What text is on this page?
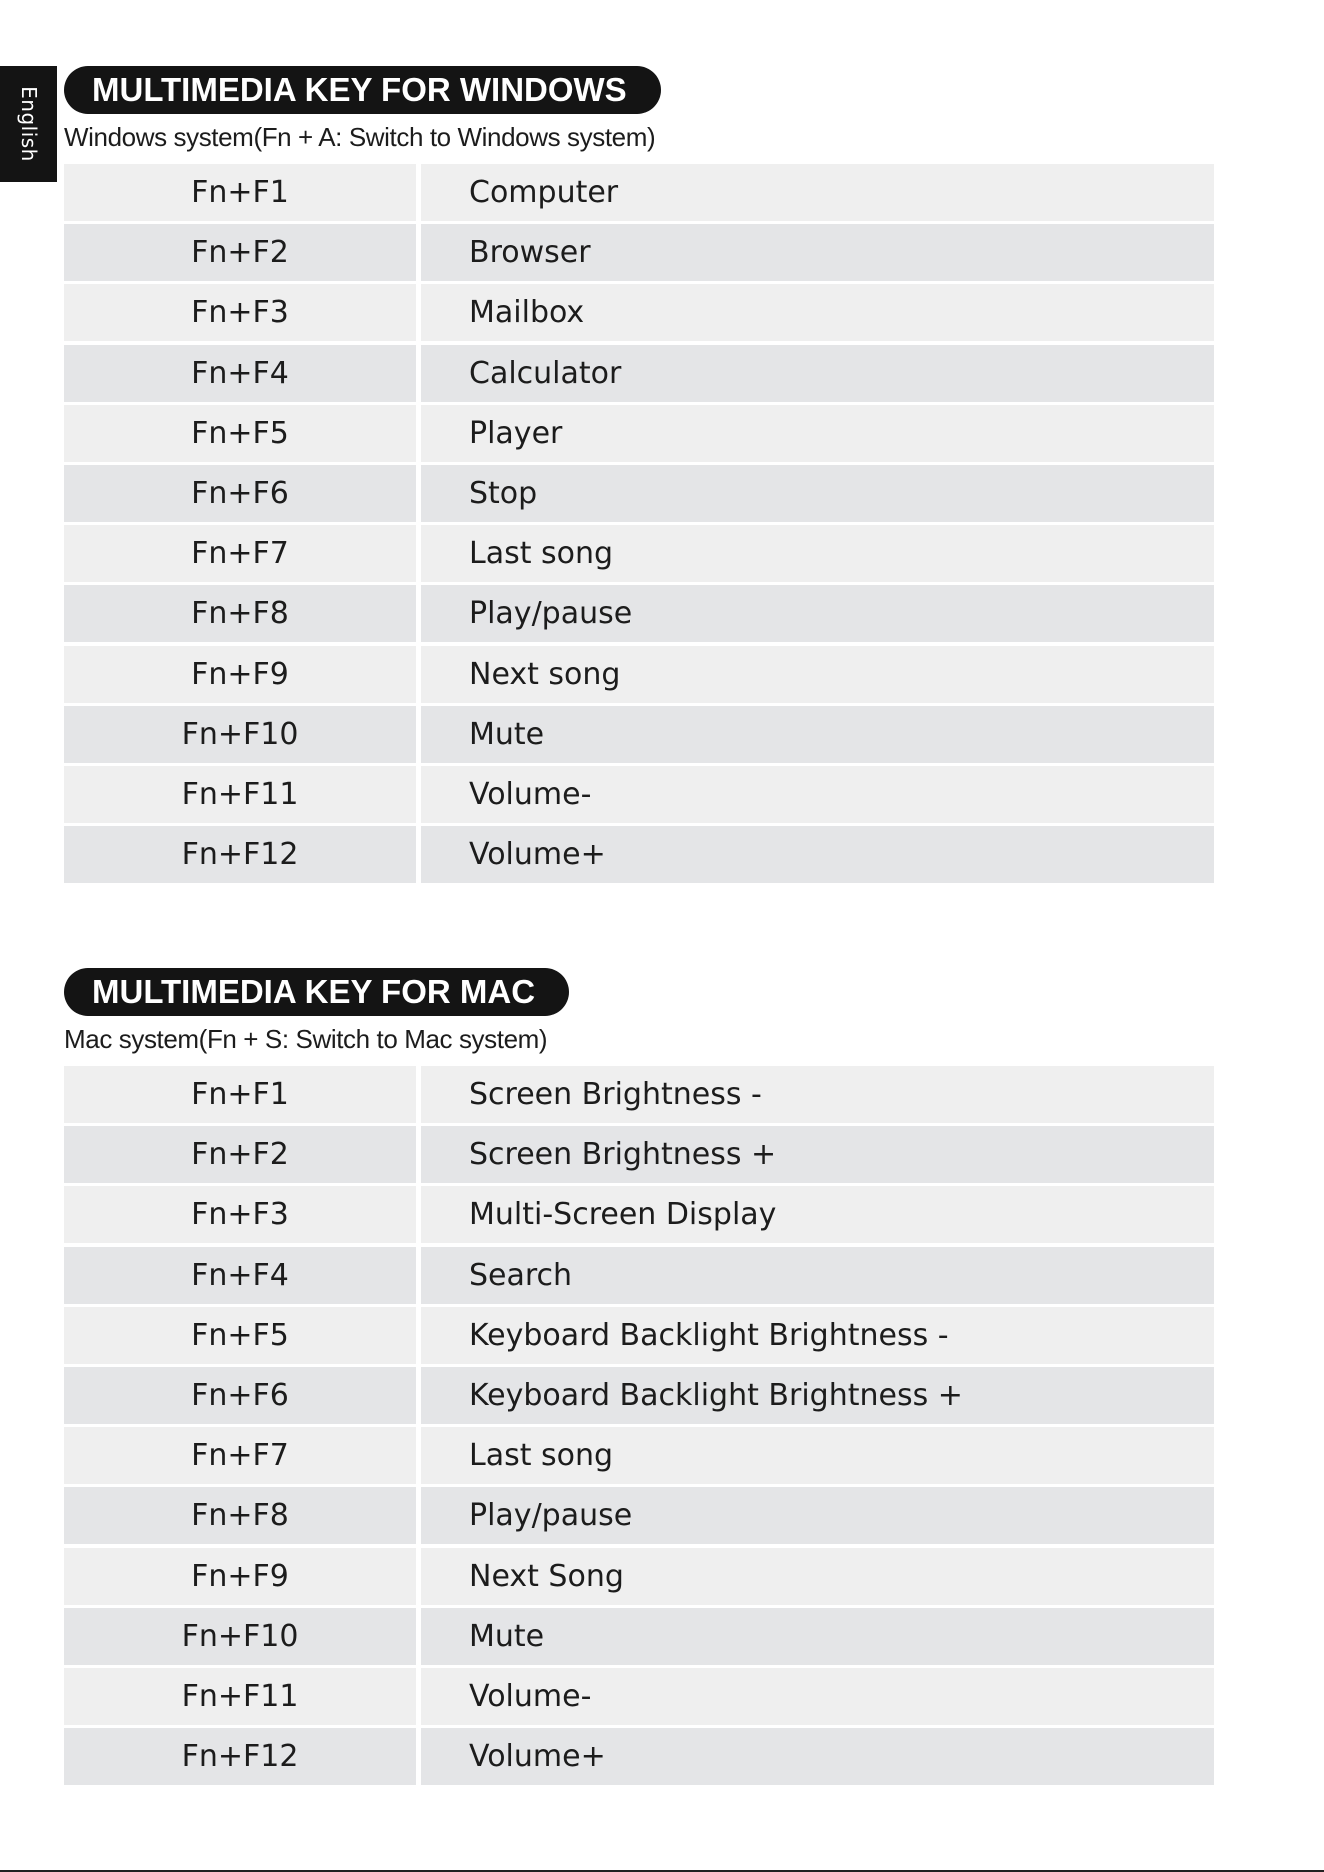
English	MULTIMEDIA KEY FOR WINDOWS
Windows system(Fn + A: Switch to Windows system)
Fn+F1	Computer
Fn+F2	Browser
Fn+F3	Mailbox
Fn+F4	Calculator
Fn+F5	Player
Fn+F6	Stop
Fn+F7	Last song
Fn+F8	Play/pause
Fn+F9	Next song
Fn+F10	Mute
Fn+F11	Volume-
Fn+F12	Volume+
MULTIMEDIA KEY FOR MAC
Mac system(Fn + S: Switch to Mac system)
Fn+F1	Screen Brightness -
Fn+F2	Screen Brightness +
Fn+F3	Multi-Screen Display
Fn+F4	Search
Fn+F5	Keyboard Backlight Brightness -
Fn+F6	Keyboard Backlight Brightness +
Fn+F7	Last song
Fn+F8	Play/pause
Fn+F9	Next Song
Fn+F10	Mute
Fn+F11	Volume-
Fn+F12	Volume+
